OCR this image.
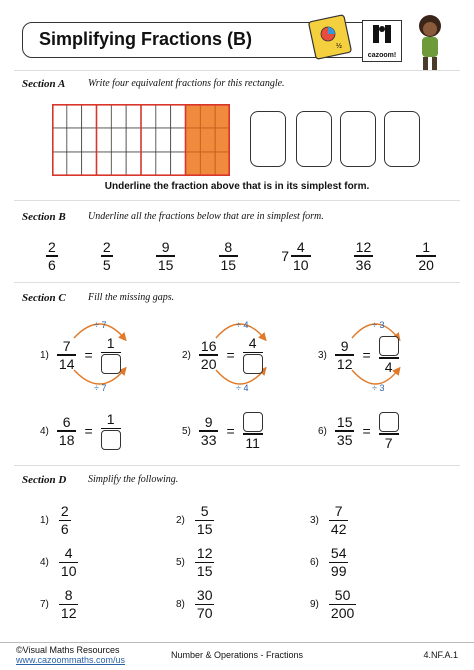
Simplifying Fractions (B)	½
cazoom!
Section A Write four equivalent fractions for this rectangle.
Underline the fraction above that is in its simplest form.
Section B Underline all the fractions below that are in simplest form.
$\frac{2}{6}$	$\frac{2}{5}$	$\frac{9}{15}$	$\frac{8}{15}$	$7 \frac{4}{10}$	$\frac{12}{36}$	$\frac{1}{20}$
Section C Fill the missing gaps.
$1) \frac{7}{14}$ =
1
÷ 7
÷ 7
$2) \frac{16}{20}$ =
4
÷ 4
÷ 4
$3) \frac{9}{12}$ =
4
÷ 3
÷ 3
$4) \frac{6}{18}$ =
1
$5) \frac{9}{33}$ =
11
$6) \frac{15}{35}$ =
7
Section D Simplify the following.
$1) \frac{2}{6}$	$2) \frac{5}{15}$	$3) \frac{7}{42}$
$4) \frac{4}{10}$	$5) \frac{12}{15}$	$6) \frac{54}{99}$
$7) \frac{8}{12}$	$8) \frac{30}{70}$	$9) \frac{50}{200}$
©Visual Maths Resources
www.cazoommaths.com/us	Number & Operations - Fractions	4.NF.A.1
